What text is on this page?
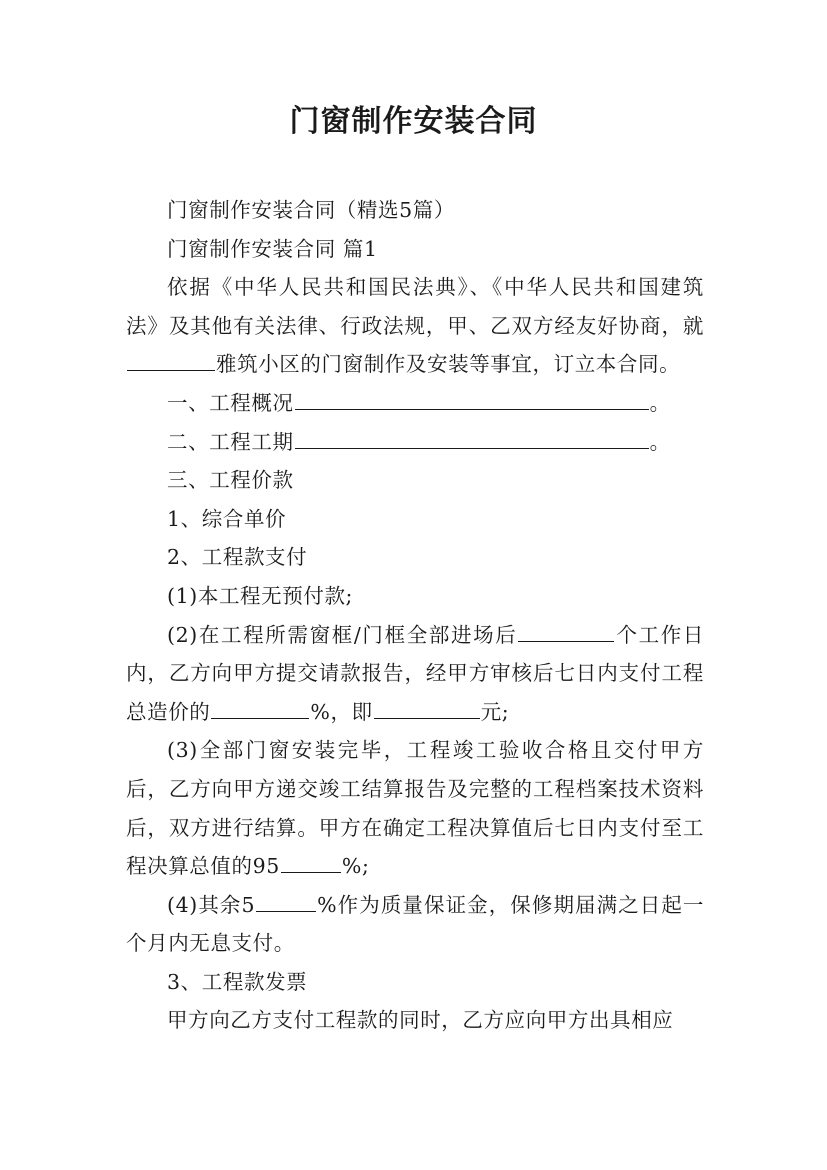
门窗制作安装合同

门窗制作安装合同（精选5篇）

门窗制作安装合同 篇1

依据《中华人民共和国民法典》、《中华人民共和国建筑法》及其他有关法律、行政法规，甲、乙双方经友好协商，就雅筑小区的门窗制作及安装等事宜，订立本合同。

一、工程概况	。

二、工程工期	。

三、工程价款

1、综合单价

2、工程款支付

(1)本工程无预付款;

(2)在工程所需窗框/门框全部进场后	个工作日内，乙方向甲方提交请款报告，经甲方审核后七日内支付工程总造价的	%，即	元;

(3)全部门窗安装完毕，工程竣工验收合格且交付甲方后，乙方向甲方递交竣工结算报告及完整的工程档案技术资料后，双方进行结算。甲方在确定工程决算值后七日内支付至工程决算总值的95	%;

(4)其余5	%作为质量保证金，保修期届满之日起一个月内无息支付。

3、工程款发票

甲方向乙方支付工程款的同时，乙方应向甲方出具相应
